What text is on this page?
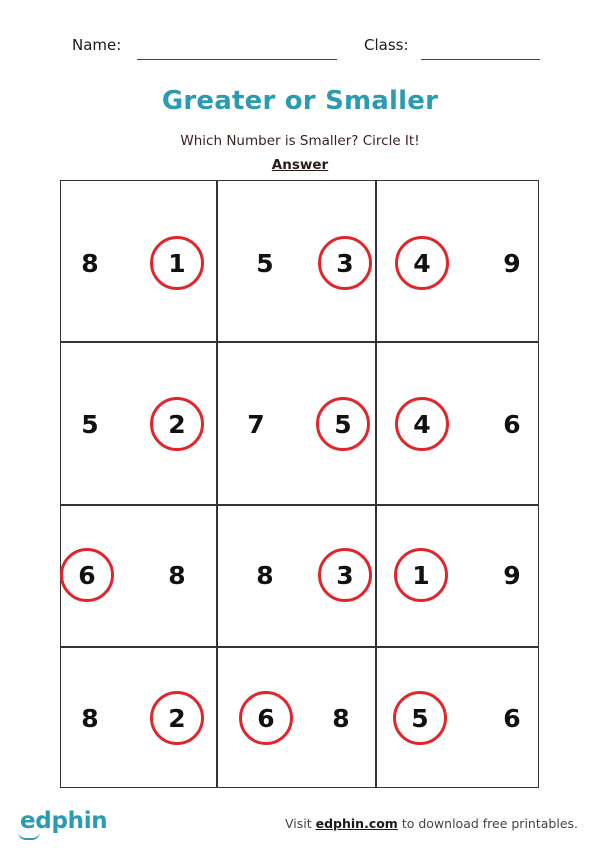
Name:	Class:
Greater or Smaller
Which Number is Smaller? Circle It!
Answer
8	1	5	3	4	9
5	2	7	5	4	6
6	8	8	3	1	9
8	2	6	8	5	6
edphin	Visit edphin.com to download free printables.
